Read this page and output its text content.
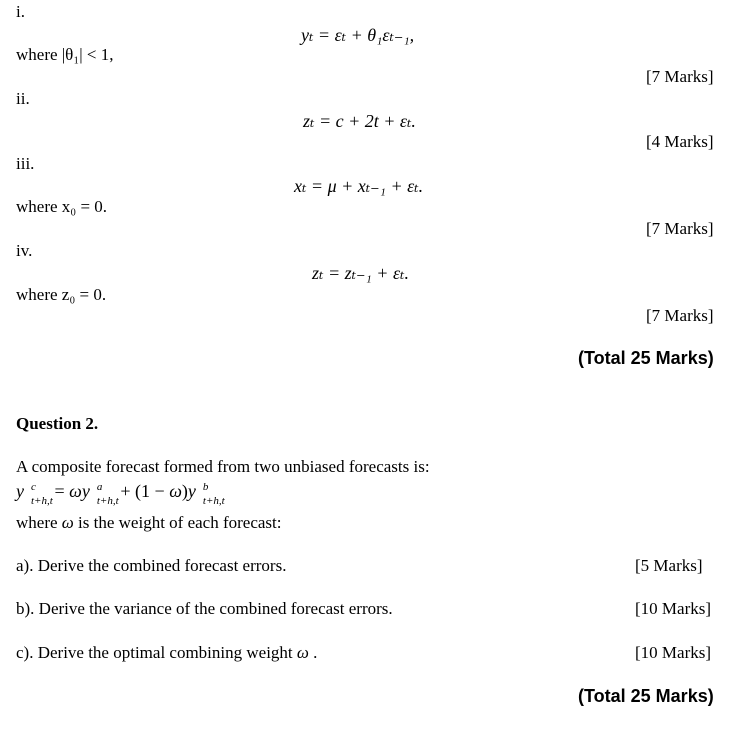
i.
yₜ = εₜ + θ₁εₜ₋₁,
where |θ₁| < 1,
[7 Marks]
ii.
zₜ = c + 2t + εₜ.
[4 Marks]
iii.
xₜ = μ + xₜ₋₁ + εₜ.
where x₀ = 0.
[7 Marks]
iv.
zₜ = zₜ₋₁ + εₜ.
where z₀ = 0.
[7 Marks]
(Total 25 Marks)
Question 2.
A composite forecast formed from two unbiased forecasts is:
y c
t+h,t = ωy a
t+h,t + (1 − ω)y b
t+h,t
where ω is the weight of each forecast:
a). Derive the combined forecast errors.	[5 Marks]
b). Derive the variance of the combined forecast errors.	[10 Marks]
c). Derive the optimal combining weight ω .	[10 Marks]
(Total 25 Marks)
